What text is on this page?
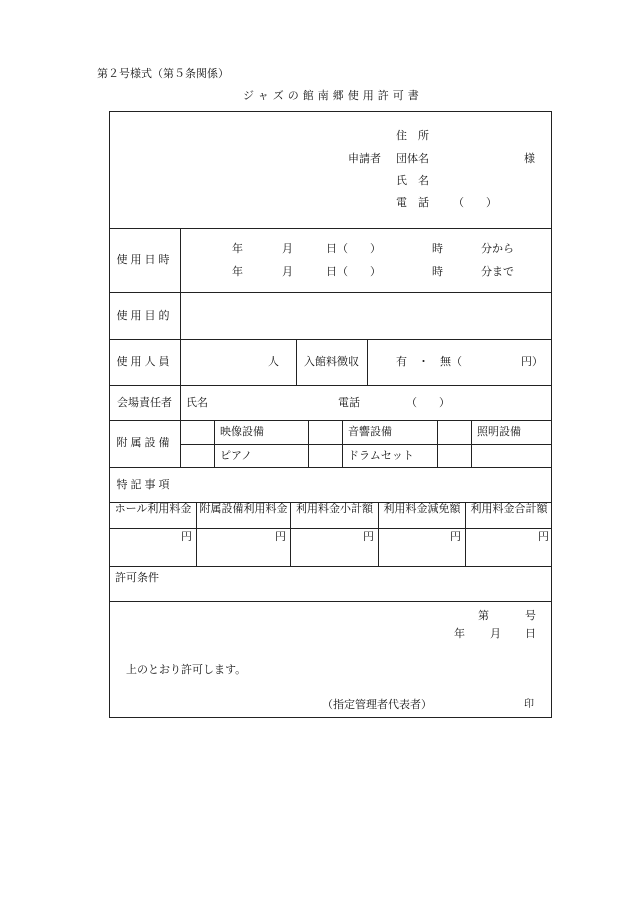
第２号様式（第５条関係）
ジャズの館南郷使用許可書
住　所
申請者 団体名	様
氏　名
電　話 （　　）
使用日時
年	月	日（　　）	時	分から
年	月	日（　　）	時	分まで
使用目的
使用人員	人	入館料徴収	有　・　無（	円）
会場責任者	氏名	電話	（　　）
附属設備
映像設備	音響設備	照明設備
ピアノ	ドラムセット
特記事項
ホール利用料金 附属設備利用料金 利用料金小計額 利用料金減免額 利用料金合計額
円	円	円	円	円
許可条件
第	号
年 月 日
上のとおり許可します。
（指定管理者代表者）	印
